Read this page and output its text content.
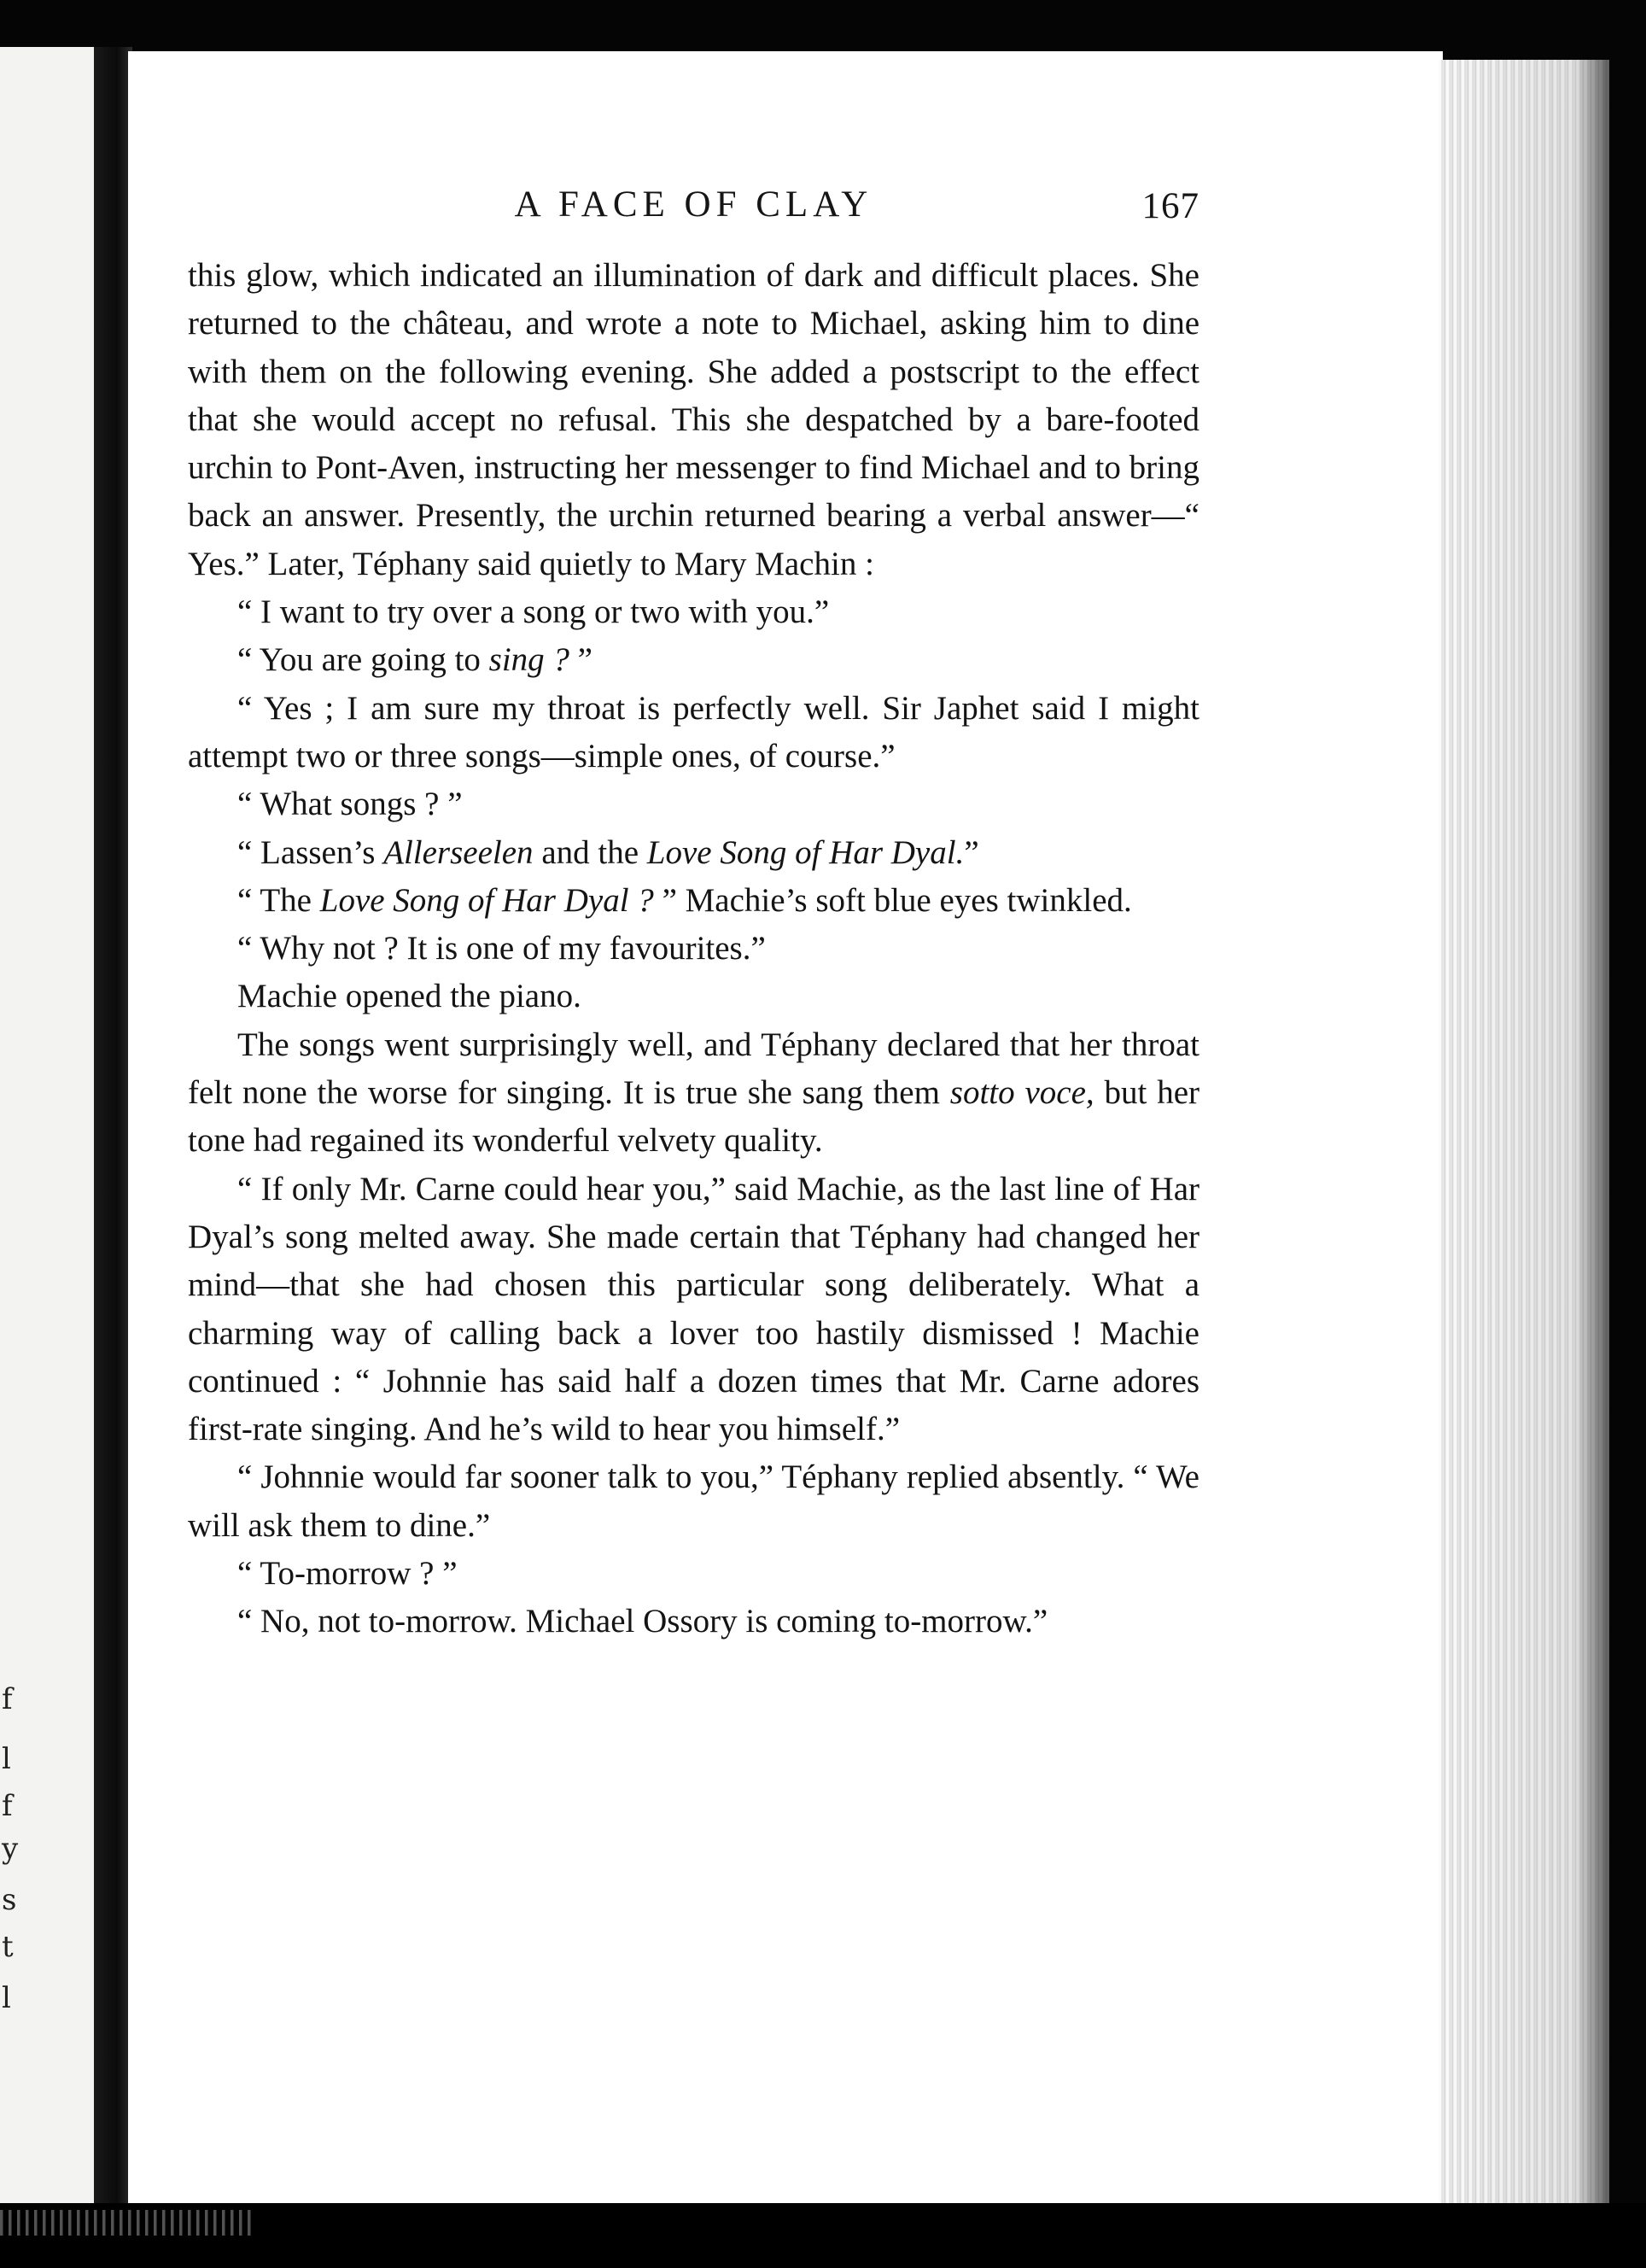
f
l
f
y
s
t
l
A FACE OF CLAY	167

this glow, which indicated an illumination of dark and difficult places. She returned to the château, and wrote a note to Michael, asking him to dine with them on the following evening. She added a postscript to the effect that she would accept no refusal. This she despatched by a bare-footed urchin to Pont-Aven, instructing her messenger to find Michael and to bring back an answer. Presently, the urchin returned bearing a verbal answer—“ Yes.” Later, Téphany said quietly to Mary Machin :

“ I want to try over a song or two with you.”

“ You are going to sing ? ”

“ Yes ; I am sure my throat is perfectly well. Sir Japhet said I might attempt two or three songs—simple ones, of course.”

“ What songs ? ”

“ Lassen’s Allerseelen and the Love Song of Har Dyal.”

“ The Love Song of Har Dyal ? ” Machie’s soft blue eyes twinkled.

“ Why not ? It is one of my favourites.”

Machie opened the piano.

The songs went surprisingly well, and Téphany declared that her throat felt none the worse for singing. It is true she sang them sotto voce, but her tone had regained its wonderful velvety quality.

“ If only Mr. Carne could hear you,” said Machie, as the last line of Har Dyal’s song melted away. She made certain that Téphany had changed her mind—that she had chosen this particular song deliberately. What a charming way of calling back a lover too hastily dismissed ! Machie continued : “ Johnnie has said half a dozen times that Mr. Carne adores first-rate singing. And he’s wild to hear you himself.”

“ Johnnie would far sooner talk to you,” Téphany replied absently. “ We will ask them to dine.”

“ To-morrow ? ”

“ No, not to-morrow. Michael Ossory is coming to-morrow.”
